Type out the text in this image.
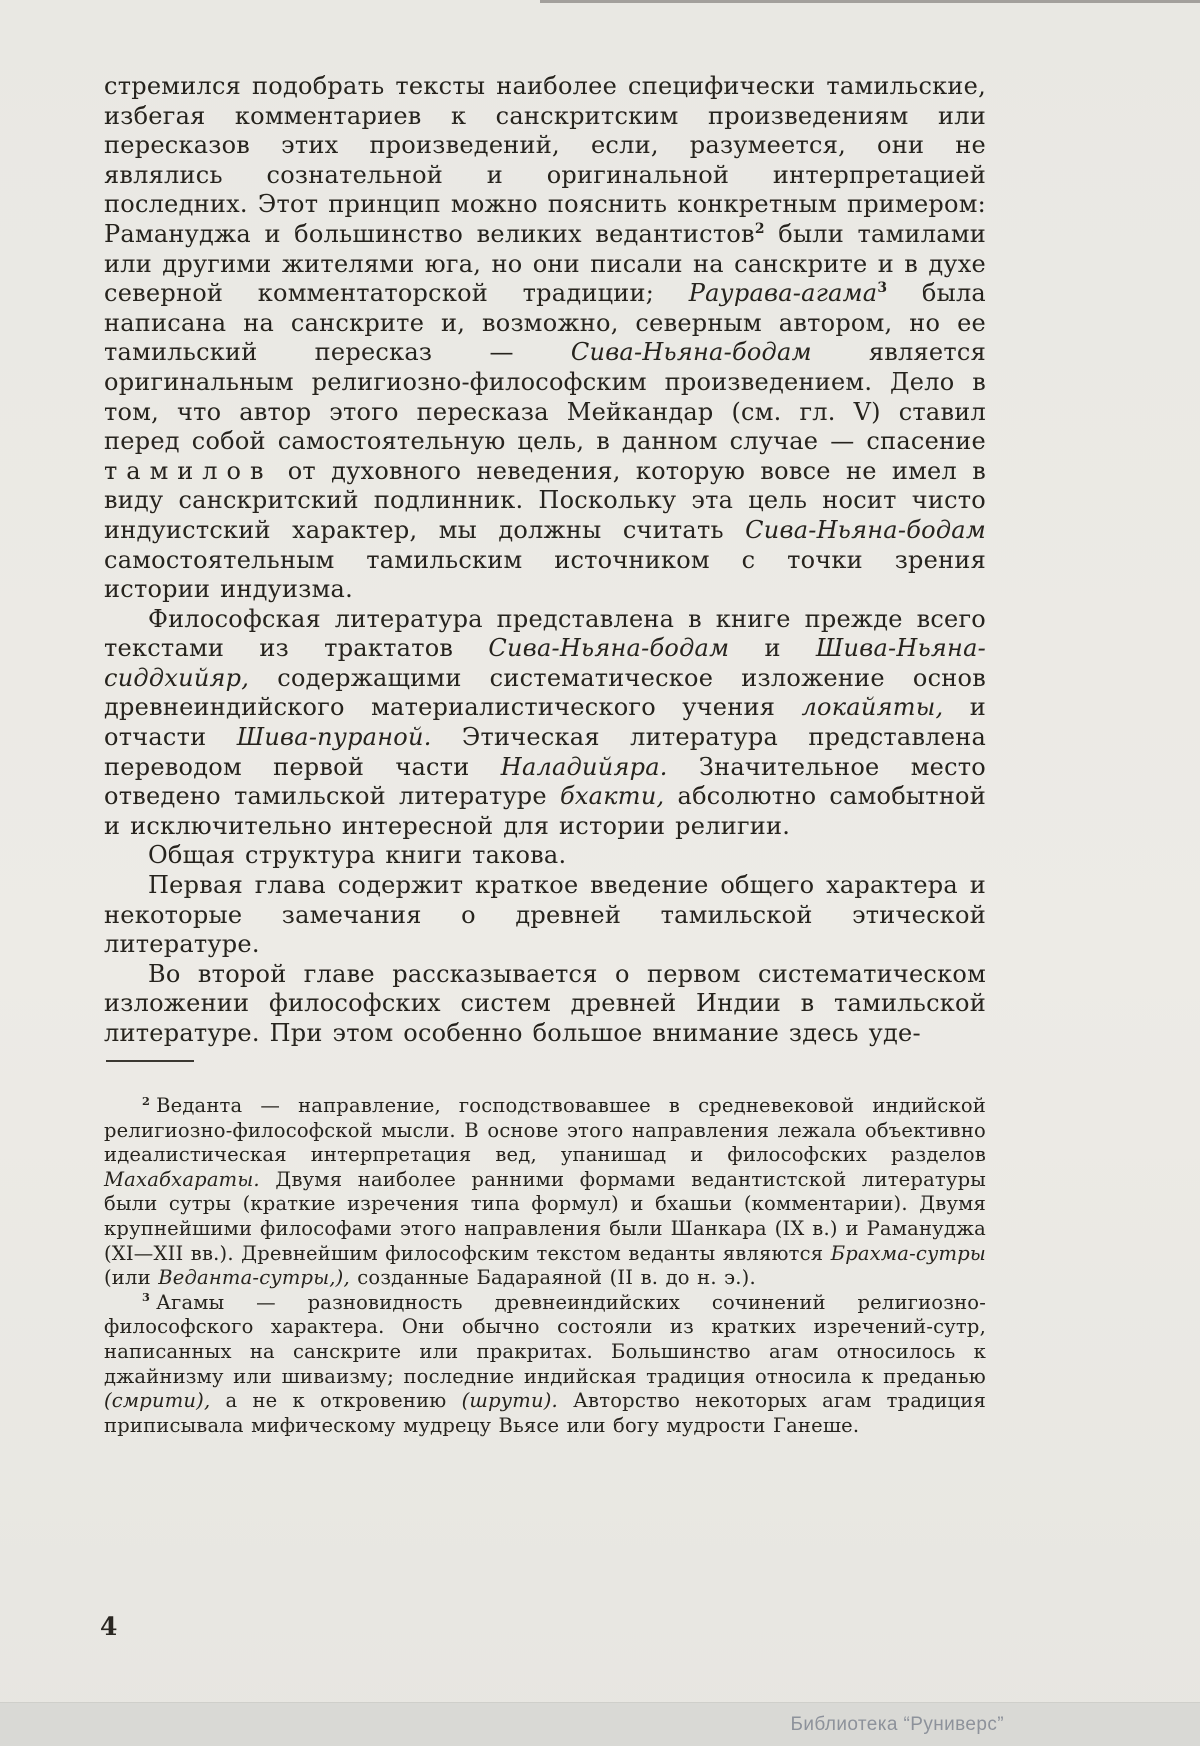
стремился подобрать тексты наиболее специфически тамильские, избегая комментариев к санскритским произведениям или пересказов этих произведений, если, разумеется, они не являлись сознательной и оригинальной интерпретацией последних. Этот принцип можно пояснить конкретным примером: Рамануджа и большинство великих ведантистов$^2$ были тамилами или другими жителями юга, но они писали на санскрите и в духе северной комментаторской традиции; Раурава-агама$^3$ была написана на санскрите и, возможно, северным автором, но ее тамильский пересказ — Сива-Ньяна-бодам является оригинальным религиозно-философским произведением. Дело в том, что автор этого пересказа Мейкандар (см. гл. V) ставил перед собой самостоятельную цель, в данном случае — спасение тамилов от духовного неведения, которую вовсе не имел в виду санскритский подлинник. Поскольку эта цель носит чисто индуистский характер, мы должны считать Сива-Ньяна-бодам самостоятельным тамильским источником с точки зрения истории индуизма.

Философская литература представлена в книге прежде всего текстами из трактатов Сива-Ньяна-бодам и Шива-Ньяна-сиддхийяр, содержащими систематическое изложение основ древнеиндийского материалистического учения локайяты, и отчасти Шива-пураной. Этическая литература представлена переводом первой части Наладийяра. Значительное место отведено тамильской литературе бхакти, абсолютно самобытной и исключительно интересной для истории религии.

Общая структура книги такова.

Первая глава содержит краткое введение общего характера и некоторые замечания о древней тамильской этической литературе.

Во второй главе рассказывается о первом систематическом изложении философских систем древней Индии в тамильской литературе. При этом особенно большое внимание здесь уде-

$^2$ Веданта — направление, господствовавшее в средневековой индийской религиозно-философской мысли. В основе этого направления лежала объективно идеалистическая интерпретация вед, упанишад и философских разделов Махабхараты. Двумя наиболее ранними формами ведантистской литературы были сутры (краткие изречения типа формул) и бхашьи (комментарии). Двумя крупнейшими философами этого направления были Шанкара (IX в.) и Рамануджа (XI—XII вв.). Древнейшим философским текстом веданты являются Брахма-сутры (или Веданта-сутры,), созданные Бадараяной (II в. до н. э.).

$^3$ Агамы — разновидность древнеиндийских сочинений религиозно-философского характера. Они обычно состояли из кратких изречений-сутр, написанных на санскрите или пракритах. Большинство агам относилось к джайнизму или шиваизму; последние индийская традиция относила к преданью (смрити), а не к откровению (шрути). Авторство некоторых агам традиция приписывала мифическому мудрецу Вьясе или богу мудрости Ганеше.

4
Библиотека “Руниверс”
